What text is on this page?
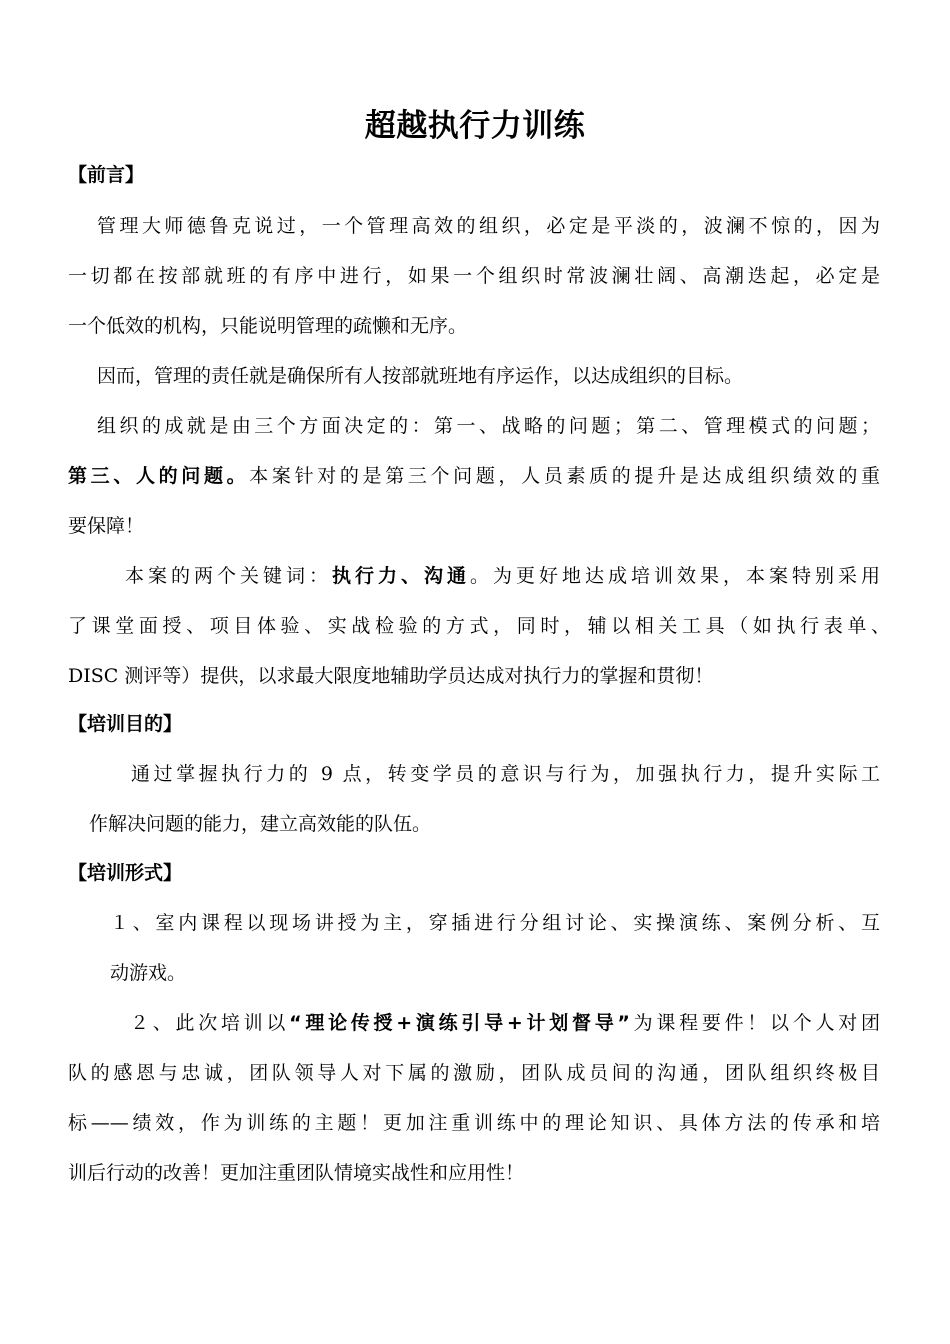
超越执行力训练
【前言】
管理大师德鲁克说过，一个管理高效的组织，必定是平淡的，波澜不惊的，因为
一切都在按部就班的有序中进行，如果一个组织时常波澜壮阔、高潮迭起，必定是
一个低效的机构，只能说明管理的疏懒和无序。
因而，管理的责任就是确保所有人按部就班地有序运作，以达成组织的目标。
组织的成就是由三个方面决定的：第一、战略的问题；第二、管理模式的问题；
第三、人的问题。本案针对的是第三个问题，人员素质的提升是达成组织绩效的重
要保障！
本案的两个关键词：执行力、沟通。为更好地达成培训效果，本案特别采用
了课堂面授、项目体验、实战检验的方式，同时，辅以相关工具（如执行表单、
DISC 测评等）提供，以求最大限度地辅助学员达成对执行力的掌握和贯彻！
【培训目的】
通过掌握执行力的 9 点，转变学员的意识与行为，加强执行力，提升实际工
作解决问题的能力，建立高效能的队伍。
【培训形式】
１、室内课程以现场讲授为主，穿插进行分组讨论、实操演练、案例分析、互
动游戏。
２、此次培训以“理论传授+演练引导+计划督导”为课程要件！以个人对团
队的感恩与忠诚，团队领导人对下属的激励，团队成员间的沟通，团队组织终极目
标——绩效，作为训练的主题！更加注重训练中的理论知识、具体方法的传承和培
训后行动的改善！更加注重团队情境实战性和应用性！
